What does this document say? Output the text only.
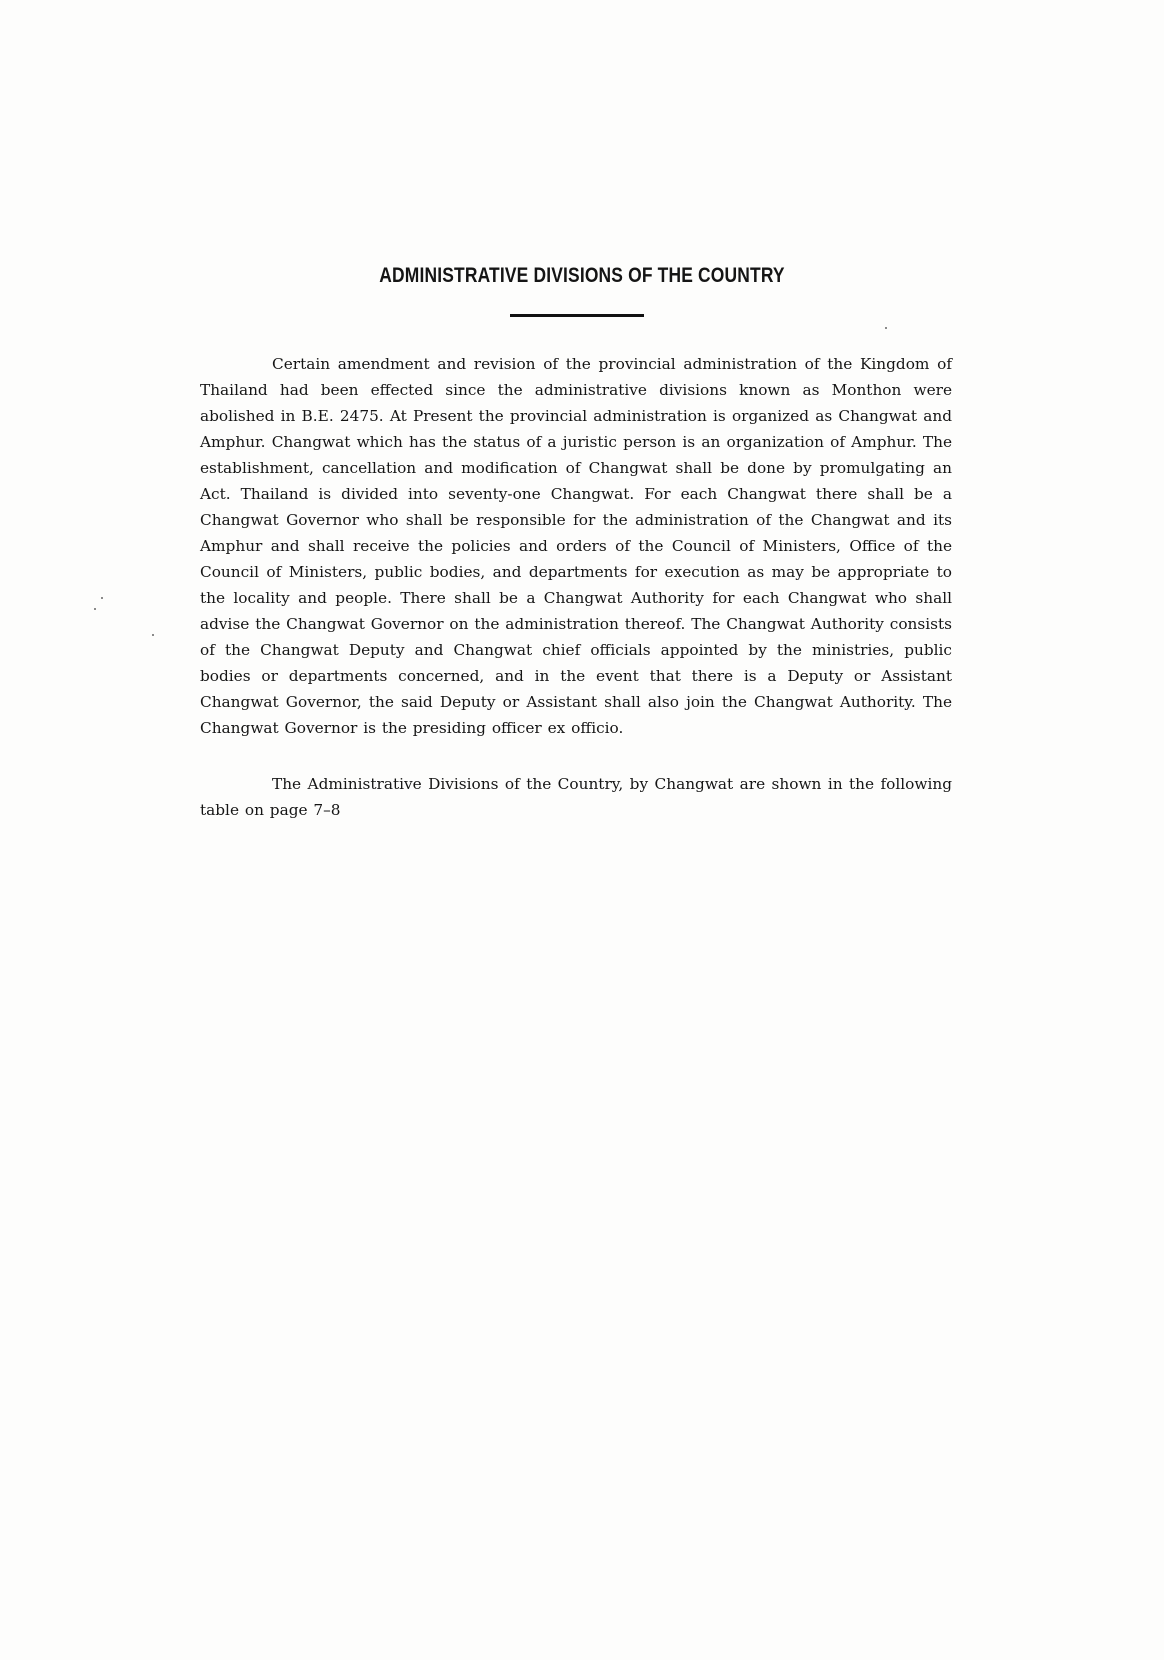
ADMINISTRATIVE DIVISIONS OF THE COUNTRY

Certain amendment and revision of the provincial administration of the Kingdom of Thailand had been effected since the administrative divisions known as Monthon were abolished in B.E. 2475. At Present the provincial administration is organized as Changwat and Amphur. Changwat which has the status of a juristic person is an organization of Amphur. The establishment, cancellation and modification of Changwat shall be done by promulgating an Act. Thailand is divided into seventy-one Changwat. For each Changwat there shall be a Changwat Governor who shall be responsible for the administration of the Changwat and its Amphur and shall receive the policies and orders of the Council of Ministers, Office of the Council of Ministers, public bodies, and departments for execution as may be appropriate to the locality and people. There shall be a Changwat Authority for each Changwat who shall advise the Changwat Governor on the administration thereof. The Changwat Authority consists of the Changwat Deputy and Changwat chief officials appointed by the ministries, public bodies or departments concerned, and in the event that there is a Deputy or Assistant Changwat Governor, the said Deputy or Assistant shall also join the Changwat Authority. The Changwat Governor is the presiding officer ex officio.

The Administrative Divisions of the Country, by Changwat are shown in the following table on page 7–8
